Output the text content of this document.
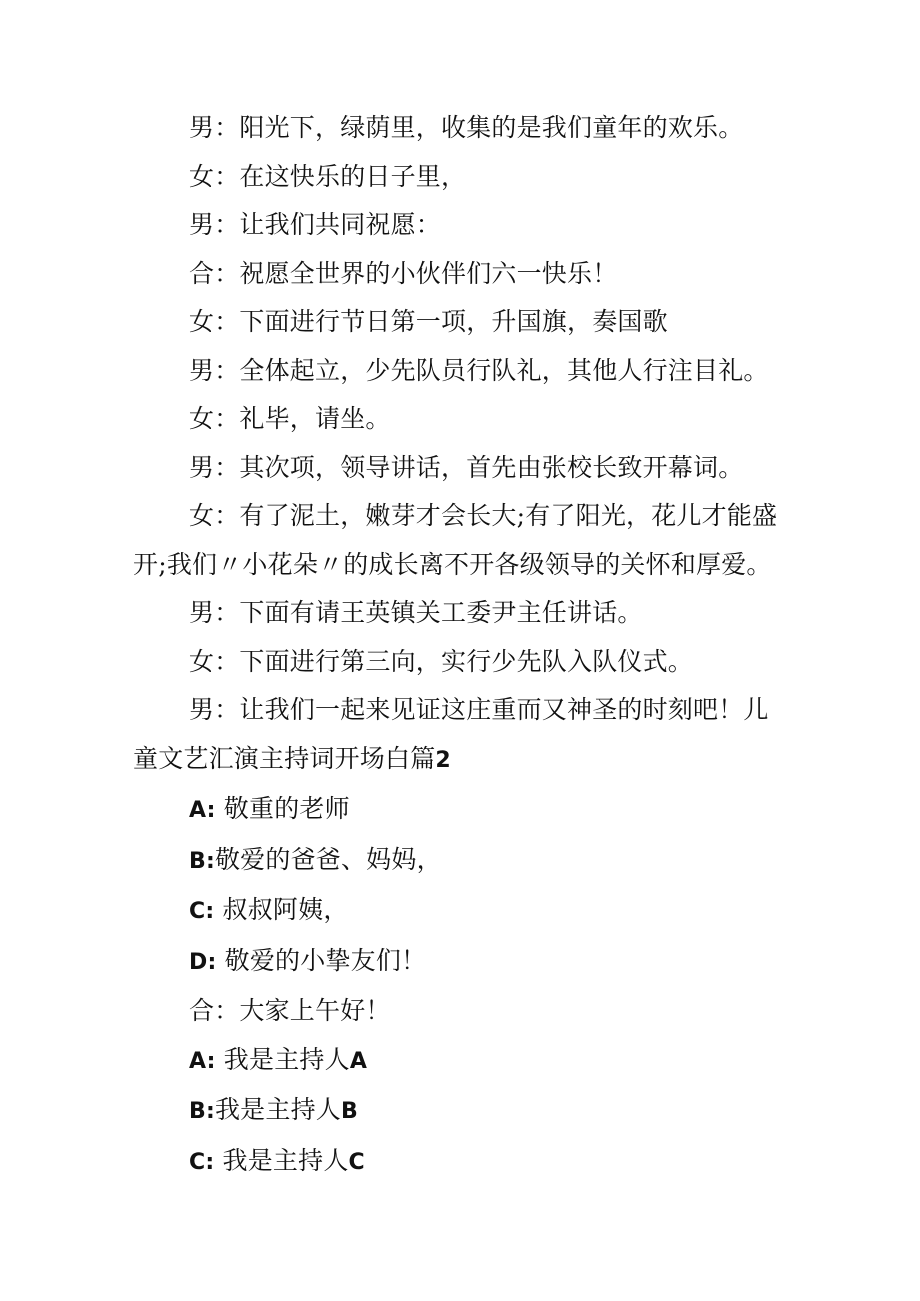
男：阳光下，绿荫里，收集的是我们童年的欢乐。

女：在这快乐的日子里，

男：让我们共同祝愿：

合：祝愿全世界的小伙伴们六一快乐！

女：下面进行节日第一项，升国旗，奏国歌

男：全体起立，少先队员行队礼，其他人行注目礼。

女：礼毕，请坐。

男：其次项，领导讲话，首先由张校长致开幕词。

女：有了泥土，嫩芽才会长大;有了阳光，花儿才能盛开;我们〃小花朵〃的成长离不开各级领导的关怀和厚爱。

男：下面有请王英镇关工委尹主任讲话。

女：下面进行第三向，实行少先队入队仪式。

男：让我们一起来见证这庄重而又神圣的时刻吧！儿童文艺汇演主持词开场白篇2

A: 敬重的老师

B:敬爱的爸爸、妈妈，

C: 叔叔阿姨，

D: 敬爱的小挚友们！

合：大家上午好！

A: 我是主持人A

B:我是主持人B

C: 我是主持人C
